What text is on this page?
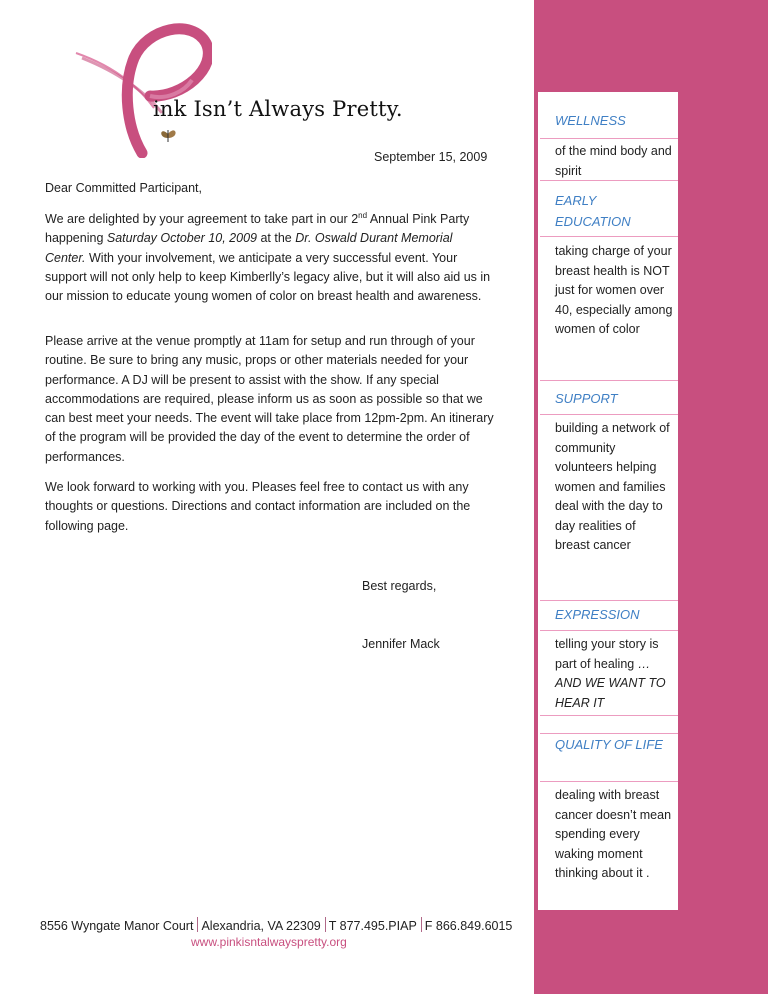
ink Isn’t Always Pretty.
September 15, 2009
Dear Committed Participant,
We are delighted by your agreement to take part in our 2nd Annual Pink Party happening Saturday October 10, 2009 at the Dr. Oswald Durant Memorial Center. With your involvement, we anticipate a very successful event. Your support will not only help to keep Kimberlly’s legacy alive, but it will also aid us in our mission to educate young women of color on breast health and awareness.
Please arrive at the venue promptly at 11am for setup and run through of your routine. Be sure to bring any music, props or other materials needed for your performance. A DJ will be present to assist with the show. If any special accommodations are required, please inform us as soon as possible so that we can best meet your needs. The event will take place from 12pm-2pm. An itinerary of the program will be provided the day of the event to determine the order of performances.
We look forward to working with you. Pleases feel free to contact us with any thoughts or questions. Directions and contact information are included on the following page.
Best regards,
Jennifer Mack
8556 Wyngate Manor Court Alexandria, VA 22309 T 877.495.PIAP F 866.849.6015
www.pinkisntalwayspretty.org
WELLNESS
of the mind body and spirit
EARLY EDUCATION
taking charge of your breast health is NOT just for women over 40, especially among women of color
SUPPORT
building a network of community volunteers helping women and families deal with the day to day realities of breast cancer
EXPRESSION
telling your story is part of healing …AND WE WANT TO HEAR IT
QUALITY OF LIFE
dealing with breast cancer doesn’t mean spending every waking moment thinking about it .
